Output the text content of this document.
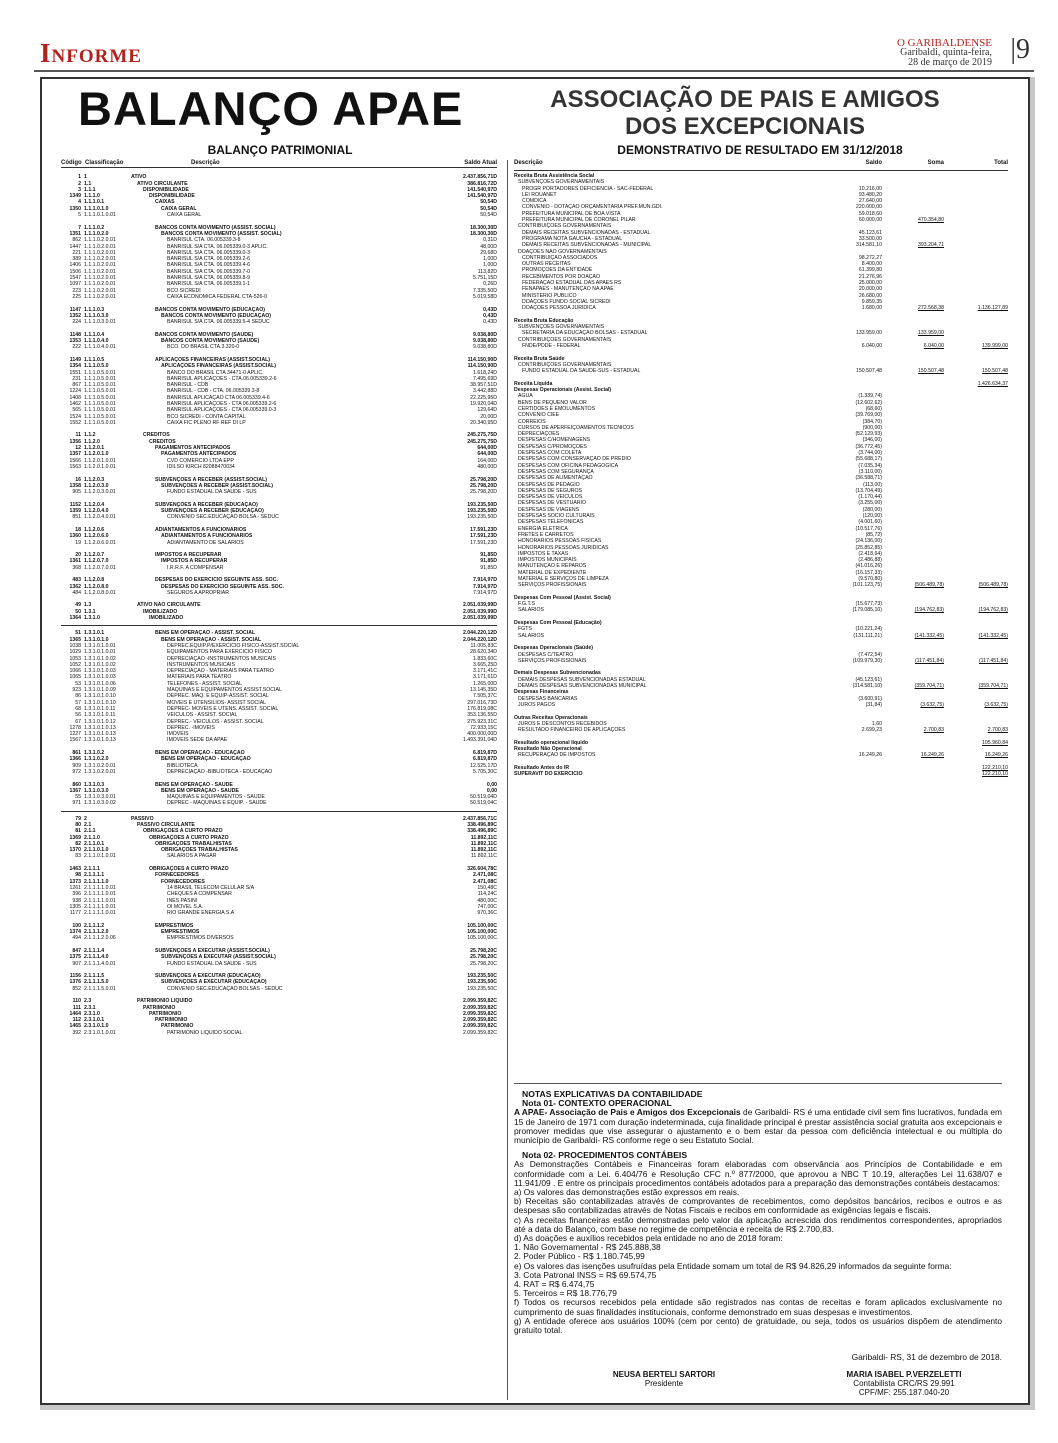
Informe	O GARIBALDENSE
Garibaldi, quinta-feira,
28 de março de 2019 |9
BALANÇO APAE	ASSOCIAÇÃO DE PAIS E AMIGOS
DOS EXCEPCIONAIS
BALANÇO PATRIMONIAL	DEMONSTRATIVO DE RESULTADO EM 31/12/2018
Código Classificação	Descrição	Saldo Atual
1 1	ATIVO	2.437.856,71D
2 1.1	ATIVO CIRCULANTE	386.816,72D
3 1.1.1	DISPONIBILIDADE	141.540,97D
1349 1.1.1.0	DISPONIBILIDADE	141.540,97D
4 1.1.1.0.1	CAIXAS	50,54D
1350 1.1.1.0.1.0	CAIXA GERAL	50,54D
5 1.1.1.0.1.0.01	CAIXA GERAL	50,54D
7 1.1.1.0.2	BANCOS CONTA MOVIMENTO (ASSIST. SOCIAL)	18.300,30D
1351 1.1.1.0.2.0	BANCOS CONTA MOVIMENTO (ASSIST. SOCIAL)	18.300,30D
862 1.1.1.0.2.0.01	BANRISUL CTA. 06.005339.3-8	0,31D
1447 1.1.1.0.2.0.01	BANRISUL S/A CTA. 06.005339.0-3 APLIC.	48,00D
221 1.1.1.0.2.0.01	BANRISUL S/A CTA. 06.005339.0-3	29,68D
389 1.1.1.0.2.0.01	BANRISUL S/A CTA. 06.005339.2-6	1,00D
1406 1.1.1.0.2.0.01	BANRISUL S/A CTA. 06.005339.4-6	1,00D
1506 1.1.1.0.2.0.01	BANRISUL S/A CTA. 06.005339.7-0	113,82D
1547 1.1.1.0.2.0.01	BANRISUL S/A CTA. 06.005339.8-9	5.751,15D
1097 1.1.1.0.2.0.01	BANRISUL S/A CTA. 06.005339.1-1	0,26D
223 1.1.1.0.2.0.01	BCO SICREDI	7.335,50D
225 1.1.1.0.2.0.01	CAIXA ECONÔMICA FEDERAL CTA-526-0	5.019,58D
1147 1.1.1.0.3	BANCOS CONTA MOVIMENTO (EDUCAÇÃO)	0,43D
1352 1.1.1.0.3.0	BANCOS CONTA MOVIMENTO (EDUCAÇÃO)	0,43D
224 1.1.1.0.3.0.01	BANRISUL S/A CTA. 06.005339.5-4 SEDUC	0,43D
1148 1.1.1.0.4	BANCOS CONTA MOVIMENTO (SAÚDE)	9.038,80D
1353 1.1.1.0.4.0	BANCOS CONTA MOVIMENTO (SAÚDE)	9.038,80D
222 1.1.1.0.4.0.01	BCO. DO BRASIL CTA.3.320-0	9.038,80D
1149 1.1.1.0.5	APLICAÇÕES FINANCEIRAS (ASSIST.SOCIAL)	114.150,90D
1354 1.1.1.0.5.0	APLICAÇÕES FINANCEIRAS (ASSIST.SOCIAL)	114.150,90D
1551 1.1.1.0.5.0.01	BANCO DO BRASIL CTA 34471-0 APLIC.	1.618,24D
231 1.1.1.0.5.0.01	BANRISUL APLICAÇÕES - CTA.06.005339.2-6	7.495,69D
867 1.1.1.0.5.0.01	BANRISUL - CDB	38.957,51D
1224 1.1.1.0.5.0.01	BANRISUL - CDB - CTA. 06.005339.3-8	3.442,88D
1408 1.1.1.0.5.0.01	BANRISUL APLICAÇÃO CTA 06.005339.4-6	22.225,95D
1462 1.1.1.0.5.0.01	BANRISUL APLICAÇÕES - CTA 06.005339.2-6	19.920,04D
565 1.1.1.0.5.0.01	BANRISUL APLICAÇÕES - CTA 06.005339.0-3	129,64D
1524 1.1.1.0.5.0.01	BCO SICREDI - CONTA CAPITAL	20,00D
1552 1.1.1.0.5.0.01	CAIXA FIC PLENO RF REF DI LP	20.340,95D
11 1.1.2	CRÉDITOS	245.275,75D
1356 1.1.2.0	CRÉDITOS	245.275,75D
12 1.1.2.0.1	PAGAMENTOS ANTECIPADOS	644,00D
1357 1.1.2.0.1.0	PAGAMENTOS ANTECIPADOS	644,00D
1566 1.1.2.0.1.0.01	CVD COMERCIO LTDA EPP	164,00D
1563 1.1.2.0.1.0.01	IDILSO KIRCH 82088470034	480,00D
16 1.1.2.0.3	SUBVENÇÕES A RECEBER (ASSIST.SOCIAL)	25.798,20D
1358 1.1.2.0.3.0	SUBVENÇÕES A RECEBER (ASSIST.SOCIAL)	25.798,20D
905 1.1.2.0.3.0.01	FUNDO ESTADUAL DA SAÚDE - SUS	25.798,20D
1152 1.1.2.0.4	SUBVENÇÕES A RECEBER (EDUCAÇÃO)	193.235,50D
1359 1.1.2.0.4.0	SUBVENÇOES A RECEBER (EDUCAÇÃO)	193.235,50D
851 1.1.2.0.4.0.01	CONVÊNIO SEC.EDUCAÇÃO BOLSA - SEDUC	193.235,50D
18 1.1.2.0.6	ADIANTAMENTOS A FUNCIONÁRIOS	17.591,23D
1360 1.1.2.0.6.0	ADIANTAMENTOS A FUNCIONÁRIOS	17.591,23D
19 1.1.2.0.6.0.01	ADIANTAMENTO DE SALÁRIOS	17.591,23D
20 1.1.2.0.7	IMPOSTOS A RECUPERAR	91,85D
1361 1.1.2.0.7.0	IMPOSTOS A RECUPERAR	91,85D
368 1.1.2.0.7.0.01	I.R.R.F. A COMPENSAR	91,85D
483 1.1.2.0.8	DESPESAS DO EXERCÍCIO SEGUINTE ASS. SOC.	7.914,97D
1362 1.1.2.0.8.0	DESPESAS DO EXERCÍCIO SEGUINTE ASS. SOC.	7.914,97D
484 1.1.2.0.8.0.01	SEGUROS A APROPRIAR	7.914,97D
49 1.3	ATIVO NÃO CIRCULANTE	2.051.039,99D
50 1.3.1	IMOBILIZADO	2.051.039,99D
1364 1.3.1.0	IMOBILIZADO	2.051.039,99D
51 1.3.1.0.1	BENS EM OPERAÇÃO - ASSIST. SOCIAL	2.044.220,12D
1365 1.3.1.0.1.0	BENS EM OPERAÇÃO - ASSIST. SOCIAL	2.044.220,12D
1038 1.3.1.0.1.0.01	DEPREC.EQUIP.P/EXERCICIO FISICO-ASSIST.SOCIAL	11.005,83C
1029 1.3.1.0.1.0.01	EQUIPAMENTOS PARA EXERCÍCIO FÍSICO	28.620,34D
1053 1.3.1.0.1.0.02	DEPRECIAÇÃO -INSTRUMENTOS MUSICAIS	1.833,60C
1052 1.3.1.0.1.0.02	INSTRUMENTOS MUSICAIS	3.665,25D
1066 1.3.1.0.1.0.03	DEPRECIAÇÃO - MATERIAIS PARA TEATRO	3.171,41C
1065 1.3.1.0.1.0.03	MATERIAIS PARA TEATRO	3.171,61D
53 1.3.1.0.1.0.06	TELEFONES - ASSIST. SOCIAL	1.265,00D
923 1.3.1.0.1.0.09	MÁQUINAS E EQUIPAMENTOS ASSIST.SOCIAL	13.145,35D
86 1.3.1.0.1.0.10	DEPREC. MÁQ. E EQUIP-ASSIST. SOCIAL	7.505,37C
57 1.3.1.0.1.0.10	MÓVEIS E UTENSÍLIOS- ASSIST SOCIAL	297.016,73D
68 1.3.1.0.1.0.11	DEPREC- MÓVEIS E UTENS. ASSIST. SOCIAL	176.819,08C
56 1.3.1.0.1.0.11	VEÍCULOS - ASSIST. SOCIAL	353.136,55D
67 1.3.1.0.1.0.12	DEPREC.- VEÍCULOS - ASSIST. SOCIAL	275.923,31C
1278 1.3.1.0.1.0.13	DEPREC. -IMÓVEIS	72.933,15C
1227 1.3.1.0.1.0.13	IMÓVEIS	400.000,00D
1567 1.3.1.0.1.0.13	IMÓVEIS SEDE DA APAE	1.493.391,04D
861 1.3.1.0.2	BENS EM OPERAÇÃO - EDUCAÇÃO	6.819,87D
1366 1.3.1.0.2.0	BENS EM OPERAÇÃO - EDUCAÇÃO	6.819,87D
909 1.3.1.0.2.0.01	BIBLIOTECA	12.525,17D
972 1.3.1.0.2.0.01	DEPRECIAÇÃO -BIBLIOTECA - EDUCAÇÃO	5.705,30C
860 1.3.1.0.3	BENS EM OPERAÇÃO - SAÚDE	0,00
1367 1.3.1.0.3.0	BENS EM OPERAÇÃO - SAÚDE	0,00
55 1.3.1.0.3.0.01	MÁQUINAS E EQUIPAMENTOS - SAÚDE	50.519,04D
971 1.3.1.0.3.0.02	DEPREC - MÁQUINAS E EQUIP. - SAÚDE	50.519,04C
79 2	PASSIVO	2.437.856,71C
80 2.1	PASSIVO CIRCULANTE	338.496,89C
81 2.1.1	OBRIGAÇÕES A CURTO PRAZO	338.496,89C
1369 2.1.1.0	OBRIGAÇÕES A CURTO PRAZO	11.892,11C
82 2.1.1.0.1	OBRIGAÇÕES TRABALHISTAS	11.892,11C
1370 2.1.1.0.1.0	OBRIGAÇÕES TRABALHISTAS	11.892,11C
83 2.1.1.0.1.0.01	SALÁRIOS A PAGAR	11.892,11C
1463 2.1.1.1	OBRIGAÇÕES A CURTO PRAZO	326.604,78C
98 2.1.1.1.1	FORNECEDORES	2.471,08C
1373 2.1.1.1.1.0	FORNECEDORES	2.471,08C
1261 2.1.1.1.1.0.01	14 BRASIL TELECOM CELULAR S/A	150,48C
396 2.1.1.1.1.0.01	CHEQUES A COMPENSAR	114,24C
938 2.1.1.1.1.0.01	INES PASINI	480,00C
1305 2.1.1.1.1.0.01	OI MÓVEL S.A.	747,00C
1177 2.1.1.1.1.0.01	RIO GRANDE ENERGIA S.A	970,36C
100 2.1.1.1.2	EMPRÉSTIMOS	105.100,00C
1374 2.1.1.1.2.0	EMPRÉSTIMOS	105.100,00C
494 2.1.1.1.2.0.06	EMPRÉSTIMOS DIVERSOS	105.100,00C
847 2.1.1.1.4	SUBVENÇÕES A EXECUTAR (ASSIST.SOCIAL)	25.798,20C
1375 2.1.1.1.4.0	SUBVENÇÕES A EXECUTAR (ASSIST.SOCIAL)	25.798,20C
907 2.1.1.1.4.0.01	FUNDO ESTADUAL DA SAÚDE - SUS	25.798,20C
1156 2.1.1.1.5	SUBVENÇÕES A EXECUTAR (EDUCAÇÃO)	193.235,50C
1376 2.1.1.1.5.0	SUBVENÇÕES A EXECUTAR (EDUCAÇÃO)	193.235,50C
852 2.1.1.1.5.0.01	CONVÊNIO SEC.EDUCAÇÃO BOLSAS - SEDUC	193.235,50C
110 2.3	PATRIMÔNIO LÍQUIDO	2.099.359,82C
111 2.3.1	PATRIMÔNIO	2.099.359,82C
1464 2.3.1.0	PATRIMÔNIO	2.099.359,82C
112 2.3.1.0.1	PATRIMÔNIO	2.099.359,82C
1465 2.3.1.0.1.0	PATRIMÔNIO	2.099.359,82C
392 2.3.1.0.1.0.01	PATRIMONIO LIQUIDO SOCIAL	2.099.359,82C
Descrição	Saldo	Soma	Total
Receita Bruta Assistência Social
SUBVENÇÕES GOVERNAMENTAIS
PROGR PORTADORES DEFICIÊNCIA - SAC-FEDERAL	10.216,00
LEI ROUANET	93.480,20
COMDICA	27.640,00
CONVÊNIO - DOTAÇÃO ORÇAMENTÁRIA PREF.MUN.GDI.	220.000,00
PREFEITURA MUNICIPAL DE BOA VISTA	59.018,60
PREFEITURA MUNICIPAL DE CORONEL PILAR	60.000,00	470.354,80
CONTRIBUIÇÕES GOVERNAMENTAIS
DEMAIS RECEITAS SUBVENCIONADAS - ESTADUAL	45.123,61
PROGRAMA NOTA GAUCHA - ESTADUAL	33.500,00
DEMAIS RECEITAS SUBVENCIONADAS - MUNICIPAL	314.581,10	393.204,71
DOAÇÕES NÃO GOVERNAMENTAIS
CONTRIBUIÇÃO ASSOCIADOS	98.272,27
OUTRAS RECEITAS	8.400,00
PROMOÇÕES DA ENTIDADE	61.399,80
RECEBIMENTOS POR DOAÇÃO	21.276,96
FEDERAÇÃO ESTADUAL DAS APAES RS	25.000,00
FENAPAES - MANUTENÇÃO NA APAE	20.000,00
MINISTÉRIO PÚBLICO	26.680,00
DOAÇÕES FUNDO SOCIAL SICREDI	9.859,35
DOAÇÕES PESSOA JURÍDICA	1.680,00	272.568,38	1.136.127,89
Receita Bruta Educação
SUBVENÇÕES GOVERNAMENTAIS
SECRETARIA DA EDUCAÇÃO BOLSAS - ESTADUAL	133.959,00	133.959,00
CONTRIBUIÇÕES GOVERNAMENTAIS
FNDE/PDDE - FEDERAL	6.040,00	6.040,00	139.999,00
Receita Bruta Saúde
CONTRIBUIÇÕES GOVERNAMENTAIS
FUNDO ESTADUAL DA SAÚDE-SUS - ESTADUAL	150.507,48	150.507,48	150.507,48
Receita Líquida	1.426.634,37
Despesas Operacionais (Assist. Social)
ÁGUA	(1.339,74)
BENS DE PEQUENO VALOR	(12.602,62)
CERTIDÕES E EMOLUMENTOS	(68,60)
CONVÊNIO CIEE	(39.769,00)
CORREIOS	(384,70)
CURSOS DE APERFEIÇOAMENTOS TÉCNICOS	(900,00)
DEPRECIAÇÕES	(52.129,93)
DESPESAS C/HOMENAGENS	(346,00)
DESPESAS C/PROMOÇÕES	(36.772,45)
DESPESAS COM COLETA	(3.744,00)
DESPESAS COM CONSERVAÇÃO DE PRÉDIO	(55.688,17)
DESPESAS COM OFICINA PEDAGOGICA	(7.035,34)
DESPESAS COM SEGURANÇA	(3.110,00)
DESPESAS DE ALIMENTAÇÃO	(36.588,71)
DESPESAS DE PEDÁGIO	(113,00)
DESPESAS DE SEGUROS	(13.704,49)
DESPESAS DE VEÍCULOS	(1.170,44)
DESPESAS DE VESTUÁRIO	(3.255,00)
DESPESAS DE VIAGENS	(280,00)
DESPESAS SÓCIO CULTURAIS	(120,00)
DESPESAS TELEFÔNICAS	(4.001,60)
ENERGIA ELÉTRICA	(10.517,76)
FRETES E CARRETOS	(85,72)
HONORÁRIOS PESSOAS FÍSICAS	(24.136,00)
HONORÁRIOS PESSOAS JURÍDICAS	(25.852,85)
IMPOSTOS E TAXAS	(2.418,64)
IMPOSTOS MUNICIPAIS	(2.486,88)
MANUTENÇÃO E REPAROS	(41.016,26)
MATERIAL DE EXPEDIENTE	(16.157,33)
MATERIAL E SERVIÇOS DE LIMPEZA	(9.570,80)
SERVIÇOS PROFISSIONAIS	(101.123,75)	(506.489,78)	(506.489,78)
Despesas Com Pessoal (Assist. Social)
F.G.T.S	(15.677,73)
SALÁRIOS	(179.085,10)	(194.762,83)	(194.762,83)
Despesas Com Pessoal (Educação)
FGTS	(10.221,24)
SALÁRIOS	(131.111,21)	(141.332,45)	(141.332,45)
Despesas Operacionais (Saúde)
DESPESAS C/TEATRO	(7.472,54)
SERVIÇOS PROFISSIONAIS	(109.979,30)	(117.451,84)	(117.451,84)
Demais Despesas Subvencionadas
DEMAIS DESPESAS SUBVENCIONADAS ESTADUAL	(45.123,61)
DEMAIS DESPESAS SUBVENCIONADAS MUNICIPAL	(314.581,10)	(359.704,71)	(359.704,71)
Despesas Financeiras
DESPESAS BANCÁRIAS	(3.600,91)
JUROS PAGOS	(31,84)	(3.632,75)	(3.632,75)
Outras Receitas Operacionais
JUROS E DESCONTOS RECEBIDOS	1,60
RESULTADO FINANCEIRO DE APLICAÇÕES	2.699,23	2.700,83	2.700,83
Resultado operacional líquido	105.960,84
Resultado Não Operacional
RECUPERAÇÃO DE IMPOSTOS	16.249,26	16.249,26	16.249,26
Resultado Antes do IR	122.210,10
SUPERAVIT DO EXERCICIO	122.210,10
NOTAS EXPLICATIVAS DA CONTABILIDADE
Nota 01- CONTEXTO OPERACIONAL

A APAE- Associação de Pais e Amigos dos Excepcionais de Garibaldi- RS é uma entidade civil sem fins lucrativos, fundada em 15 de Janeiro de 1971 com duração indeterminada, cuja finalidade principal é prestar assistência social gratuita aos excepcionais e promover medidas que vise assegurar o ajustamento e o bem estar da pessoa com deficiência intelectual e ou múltipla do município de Garibaldi- RS conforme rege o seu Estatuto Social.

Nota 02- PROCEDIMENTOS CONTÁBEIS

As Demonstrações Contábeis e Financeiras foram elaboradas com observância aos Princípios de Contabilidade e em conformidade com a Lei. 6.404/76 e Resolução CFC n.º 877/2000, que aprovou a NBC T 10.19, alterações Lei 11.638/07 e 11.941/09 . E entre os principais procedimentos contábeis adotados para a preparação das demonstrações contábeis destacamos:

a) Os valores das demonstrações estão expressos em reais.

b) Receitas são contabilizadas através de comprovantes de recebimentos, como depósitos bancários, recibos e outros e as despesas são contabilizadas através de Notas Fiscais e recibos em conformidade as exigências legais e fiscais.

c) As receitas financeiras estão demonstradas pelo valor da aplicação acrescida dos rendimentos correspondentes, apropriados até a data do Balanço, com base no regime de competência e receita de R$ 2.700,83.

d) As doações e auxílios recebidos pela entidade no ano de 2018 foram:

1. Não Governamental - R$ 245.888,38

2. Poder Público - R$ 1.180.745,99

e) Os valores das isenções usufruídas pela Entidade somam um total de R$ 94.826,29 informados da seguinte forma:

3. Cota Patronal INSS = R$ 69.574,75

4. RAT = R$ 6.474,75

5. Terceiros = R$ 18.776,79

f) Todos os recursos recebidos pela entidade são registrados nas contas de receitas e foram aplicados exclusivamente no cumprimento de suas finalidades institucionais, conforme demonstrado em suas despesas e investimentos.

g) A entidade oferece aos usuários 100% (cem por cento) de gratuidade, ou seja, todos os usuários dispõem de atendimento gratuito total.

Garibaldi- RS, 31 de dezembro de 2018.
NEUSA BERTELI SARTORI
Presidente
MARIA ISABEL P.VERZELETTI
Contabilista CRC/RS 29.991
CPF/MF: 255.187.040-20
